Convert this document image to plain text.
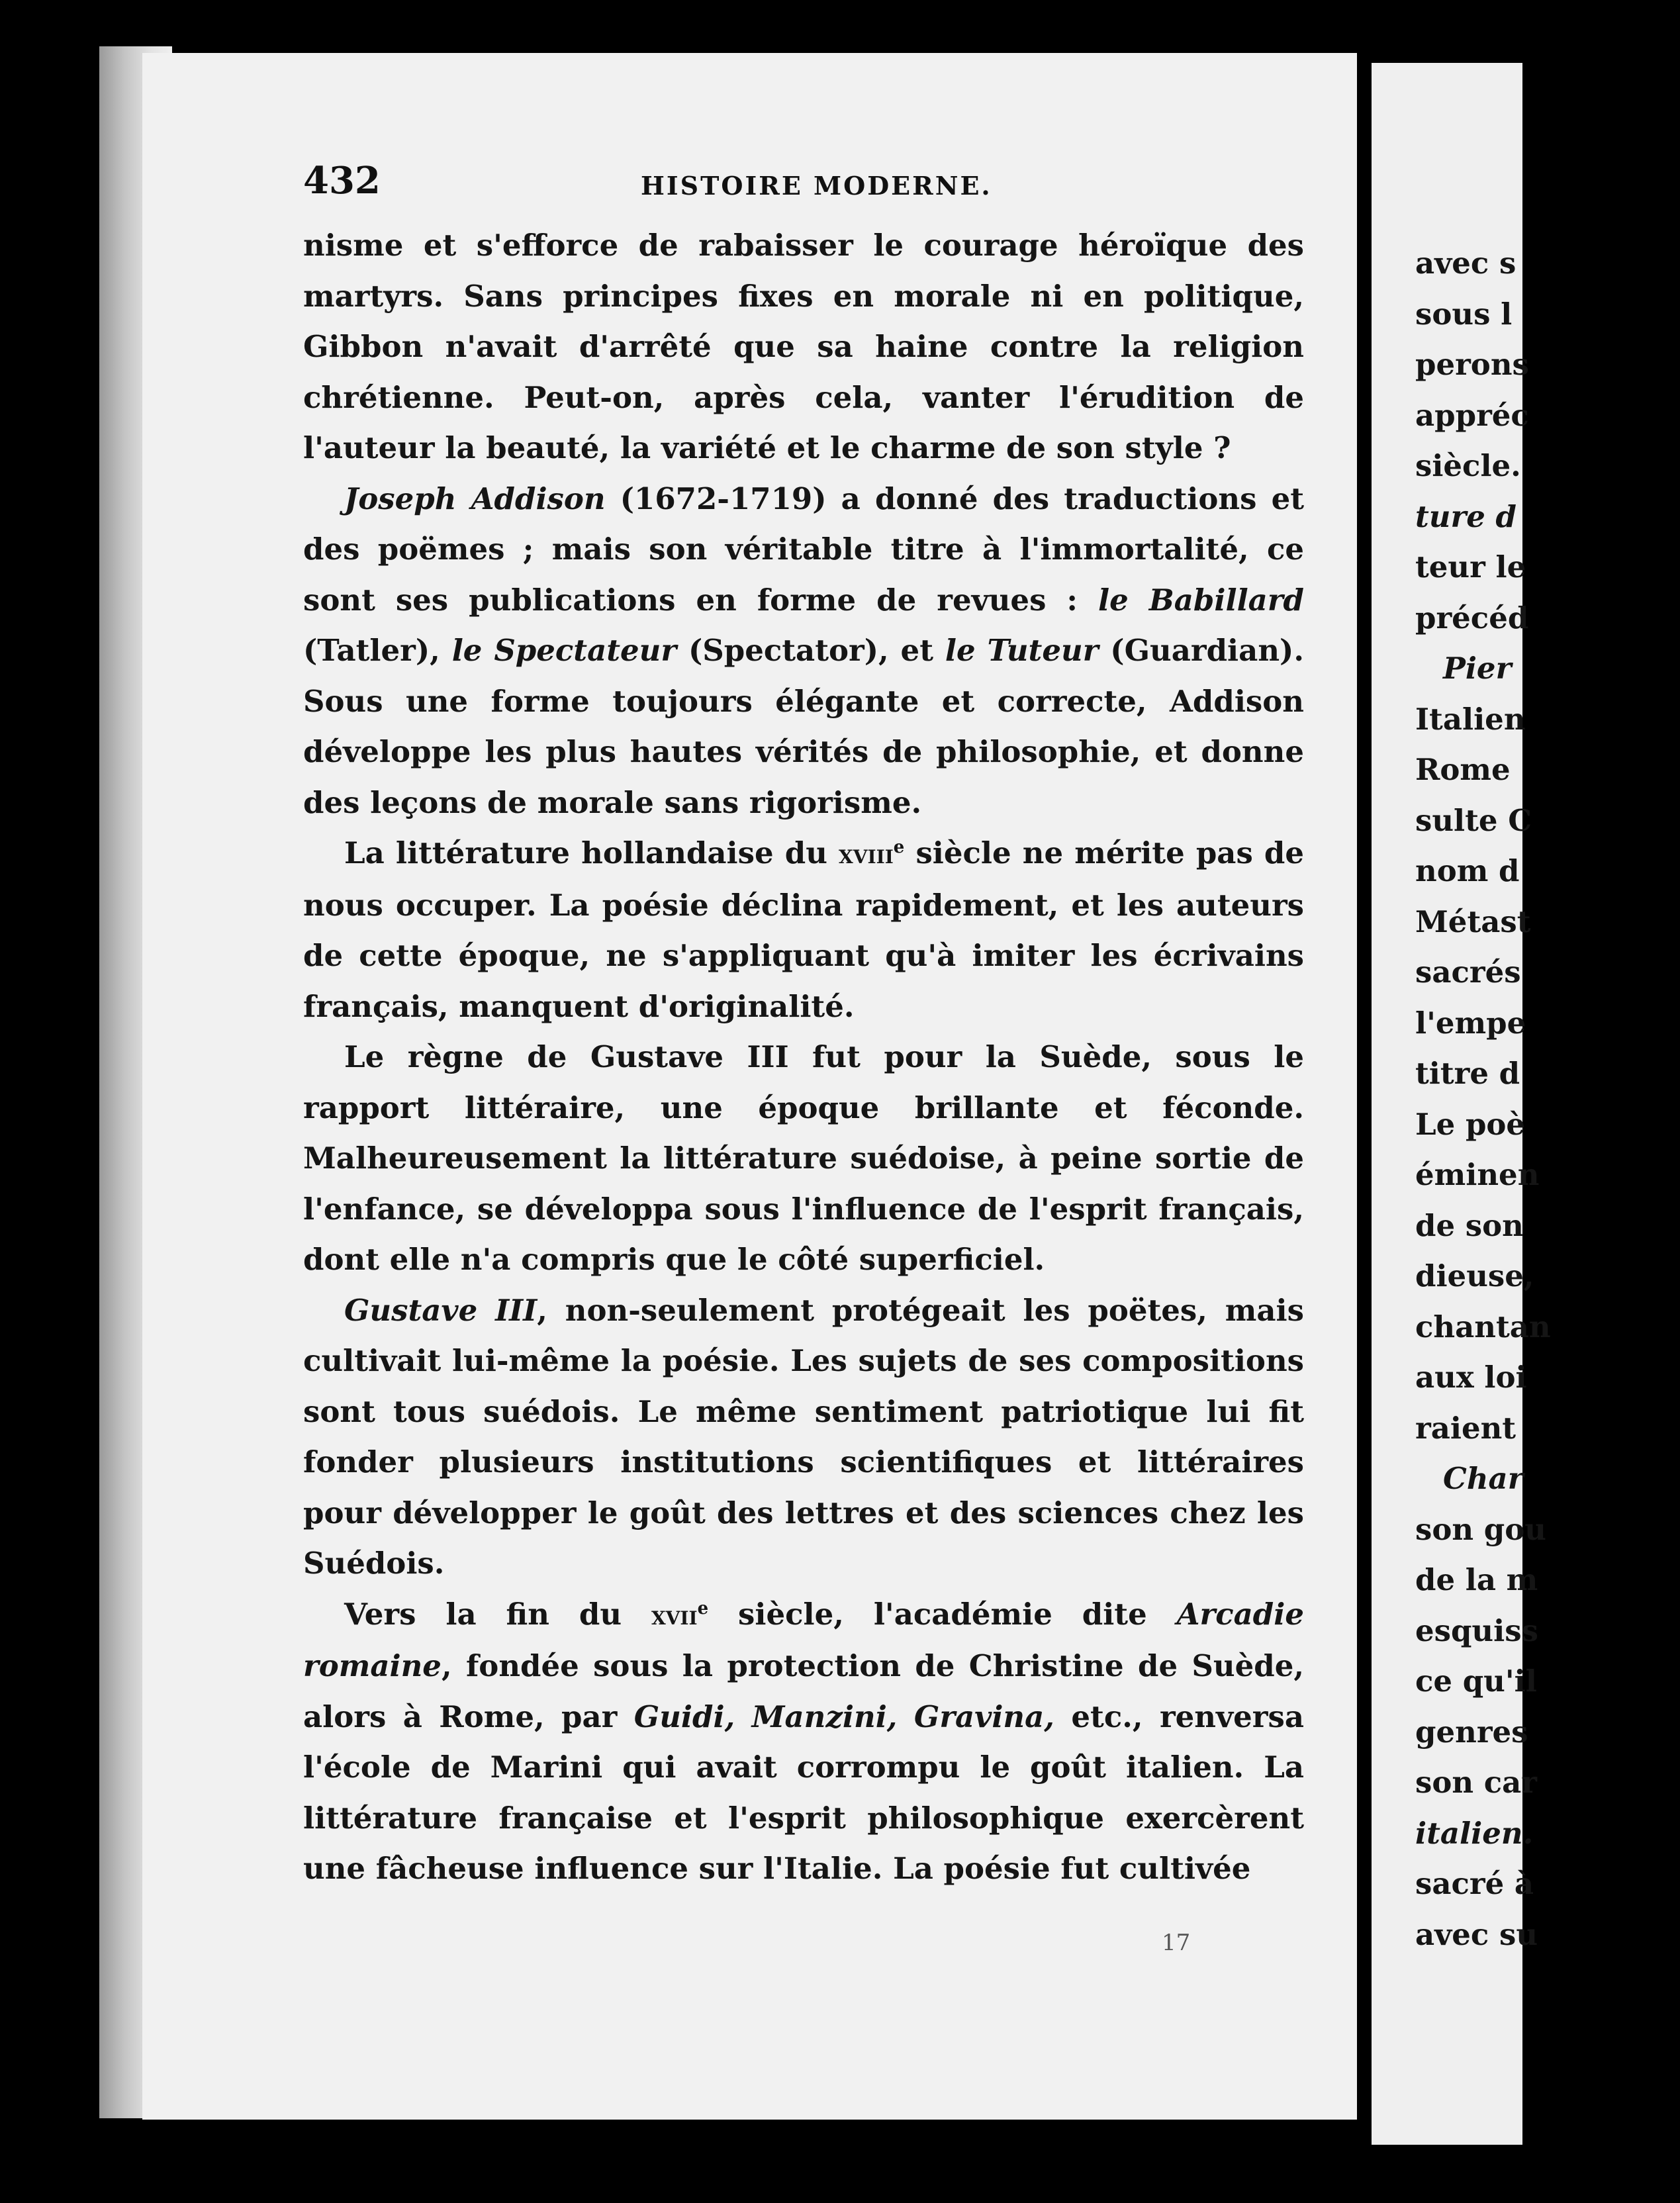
432	HISTOIRE MODERNE.

nisme et s'efforce de rabaisser le courage héroïque des martyrs. Sans principes fixes en morale ni en politique, Gibbon n'avait d'arrêté que sa haine contre la religion chrétienne. Peut-on, après cela, vanter l'érudition de l'auteur la beauté, la variété et le charme de son style ?

Joseph Addison (1672-1719) a donné des traductions et des poëmes ; mais son véritable titre à l'immortalité, ce sont ses publications en forme de revues : le Babillard (Tatler), le Spectateur (Spectator), et le Tuteur (Guardian). Sous une forme toujours élégante et correcte, Addison développe les plus hautes vérités de philosophie, et donne des leçons de morale sans rigorisme.

La littérature hollandaise du xviii$^e$ siècle ne mérite pas de nous occuper. La poésie déclina rapidement, et les auteurs de cette époque, ne s'appliquant qu'à imiter les écrivains français, manquent d'originalité.

Le règne de Gustave III fut pour la Suède, sous le rapport littéraire, une époque brillante et féconde. Malheureusement la littérature suédoise, à peine sortie de l'enfance, se développa sous l'influence de l'esprit français, dont elle n'a compris que le côté superficiel.

Gustave III, non-seulement protégeait les poëtes, mais cultivait lui-même la poésie. Les sujets de ses compositions sont tous suédois. Le même sentiment patriotique lui fit fonder plusieurs institutions scientifiques et littéraires pour développer le goût des lettres et des sciences chez les Suédois.

Vers la fin du xvii$^e$ siècle, l'académie dite Arcadie romaine, fondée sous la protection de Christine de Suède, alors à Rome, par Guidi, Manzini, Gravina, etc., renversa l'école de Marini qui avait corrompu le goût italien. La littérature française et l'esprit philosophique exercèrent une fâcheuse influence sur l'Italie. La poésie fut cultivée

17
avec s
sous l
perons
appréc
siècle.
ture d
teur le
précéd
Pier
Italien
Rome
sulte C
nom d
Métast
sacrés
l'empe
titre d
Le poè
éminen
de son
dieuse,
chantan
aux loi
raient
Char
son gou
de la m
esquiss
ce qu'il
genres
son car
italien.
sacré à
avec su
